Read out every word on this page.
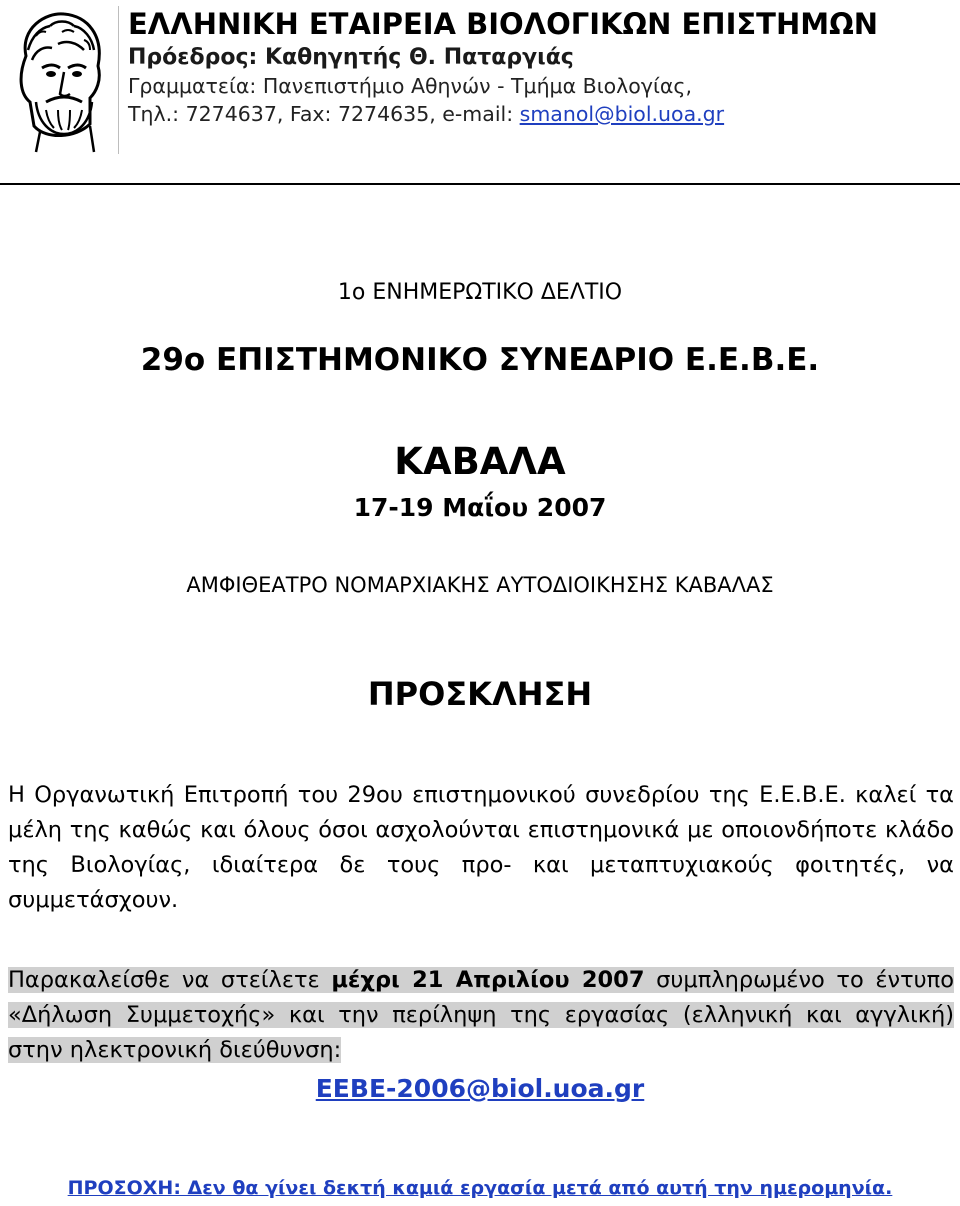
ΕΛΛΗΝΙΚΗ ΕΤΑΙΡΕΙΑ ΒΙΟΛΟΓΙΚΩΝ ΕΠΙΣΤΗΜΩΝ
Πρόεδρος: Καθηγητής Θ. Παταργιάς
Γραμματεία: Πανεπιστήμιο Αθηνών - Τμήμα Βιολογίας,
Τηλ.: 7274637, Fax: 7274635, e-mail: smanol@biol.uoa.gr
1ο ΕΝΗΜΕΡΩΤΙΚΟ ΔΕΛΤΙΟ
29ο ΕΠΙΣΤΗΜΟΝΙΚΟ ΣΥΝΕΔΡΙΟ Ε.Ε.Β.Ε.
ΚΑΒΑΛΑ
17-19 Μαΐου 2007
ΑΜΦΙΘΕΑΤΡΟ ΝΟΜΑΡΧΙΑΚΗΣ ΑΥΤΟΔΙΟΙΚΗΣΗΣ ΚΑΒΑΛΑΣ
ΠΡΟΣΚΛΗΣΗ
Η Οργανωτική Επιτροπή του 29ου επιστημονικού συνεδρίου της Ε.Ε.Β.Ε. καλεί τα μέλη της καθώς και όλους όσοι ασχολούνται επιστημονικά με οποιονδήποτε κλάδο της Βιολογίας, ιδιαίτερα δε τους προ- και μεταπτυχιακούς φοιτητές, να συμμετάσχουν.
Παρακαλείσθε να στείλετε μέχρι 21 Απριλίου 2007 συμπληρωμένο το έντυπο «Δήλωση Συμμετοχής» και την περίληψη της εργασίας (ελληνική και αγγλική) στην ηλεκτρονική διεύθυνση:
EEBE-2006@biol.uoa.gr
ΠΡΟΣΟΧΗ: Δεν θα γίνει δεκτή καμιά εργασία μετά από αυτή την ημερομηνία.
